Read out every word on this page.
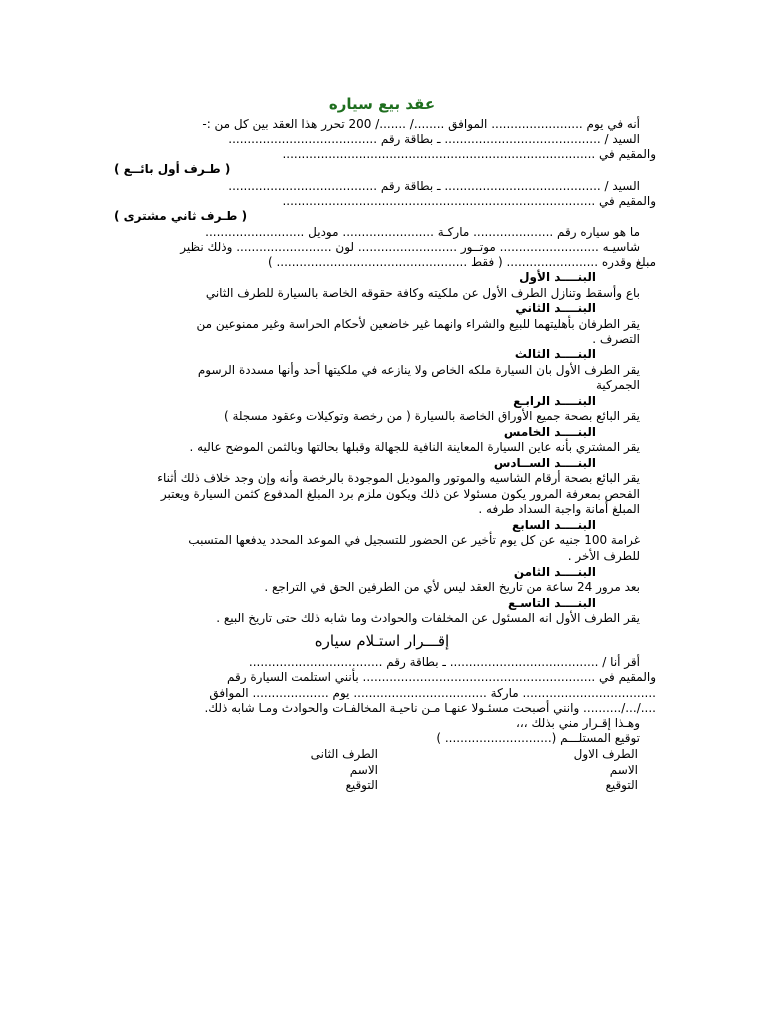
عقد بيع سياره
أنه في يوم ........................ الموافق ......../ ......./ 200 تحرر هذا العقد بين كل من :-
السيد / ......................................... ـ بطاقة رقم .......................................
والمقيم في ..................................................................................
( طـرف أول بائــع )
السيد / ......................................... ـ بطاقة رقم .......................................
والمقيم في ..................................................................................
( طـرف ثاني مشترى )
ما هو سياره رقم ..................... ماركـة ........................ موديل ..........................
شاسيـه .......................... موتــور .......................... لون ......................... وذلك نظير
مبلغ وقدره ........................ ( فقط .................................................. )
البنــــد الأول
باع وأسقط وتنازل الطرف الأول عن ملكيته وكافة حقوقه الخاصة بالسيارة للطرف الثاني
البنــــد الثاني
يقر الطرفان بأهليتهما للبيع والشراء وانهما غير خاضعين لأحكام الحراسة وغير ممنوعين من
التصرف .
البنــــد الثالث
يقر الطرف الأول بان السيارة ملكه الخاص ولا ينازعه في ملكيتها أحد وأنها مسددة الرسوم
الجمركية
البنــــد الرابـع
يقر البائع بصحة جميع الأوراق الخاصة بالسيارة ( من رخصة وتوكيلات وعقود مسجلة )
البنــــد الخامس
يقر المشتري بأنه عاين السيارة المعاينة النافية للجهالة وقبلها بحالتها وبالثمن الموضح عاليه .
البنــــد الســادس
يقر البائع بصحة أرقام الشاسيه والموتور والموديل الموجودة بالرخصة وأنه وإن وجد خلاف ذلك أثناء
الفحص بمعرفة المرور يكون مسئولا عن ذلك ويكون ملزم برد المبلغ المدفوع كثمن السيارة ويعتبر
المبلغ أمانة واجبة السداد طرفه .
البنــــد السابع
غرامة 100 جنيه عن كل يوم تأخير عن الحضور للتسجيل في الموعد المحدد يدفعها المتسبب
للطرف الأخر .
البنــــد الثامن
بعد مرور 24 ساعة من تاريخ العقد ليس لأي من الطرفين الحق في التراجع .
البنــــد التاسـع
يقر الطرف الأول انه المسئول عن المخلفات والحوادث وما شابه ذلك حتى تاريخ البيع .
إقـــرار استـلام سياره
أقر أنا / ....................................... ـ بطاقة رقم ...................................
والمقيم في ............................................................. بأنني استلمت السيارة رقم
................................... ماركة ................................... يوم .................... الموافق
..../.../.......... وانني أصبحت مسئـولا عنهـا مـن ناحيـة المخالفـات والحوادث ومـا شابه ذلك.
وهـذا إقـرار مني بذلك ،،،
توقيع المستلـــم (............................ )
الطرف الاول
الاسم
التوقيع
الطرف الثانى
الاسم
التوقيع
